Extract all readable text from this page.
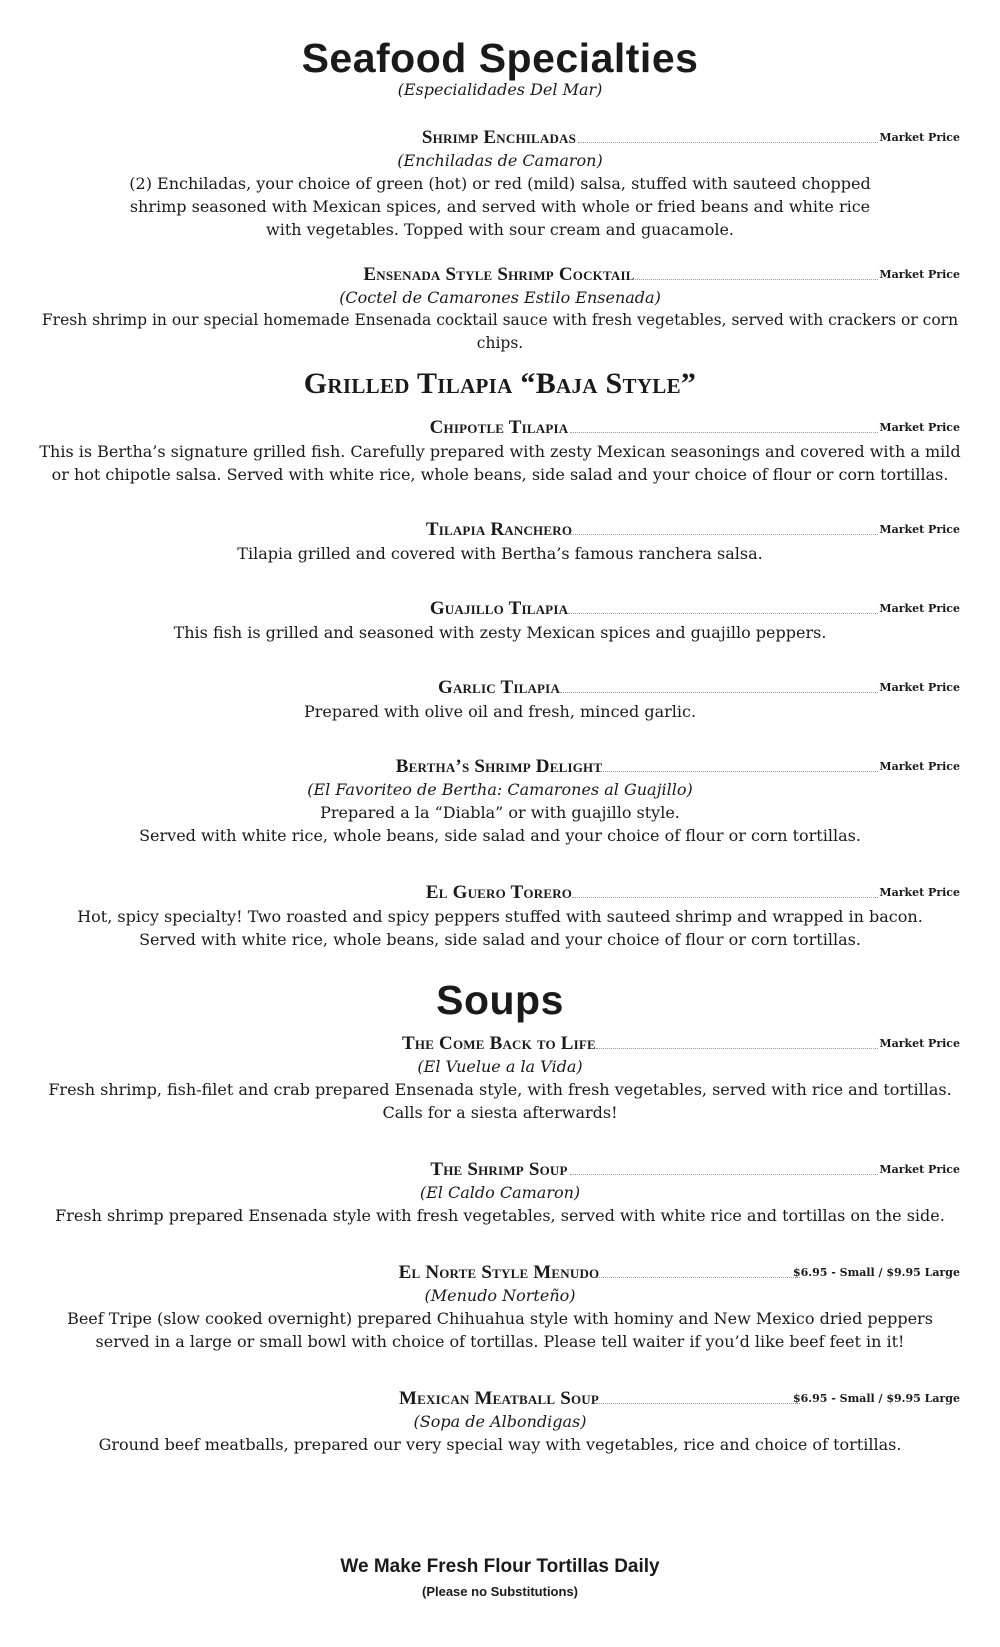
Seafood Specialties
(Especialidades Del Mar)
Shrimp Enchiladas	Market Price
(Enchiladas de Camaron)
(2) Enchiladas, your choice of green (hot) or red (mild) salsa, stuffed with sauteed chopped shrimp seasoned with Mexican spices, and served with whole or fried beans and white rice with vegetables. Topped with sour cream and guacamole.
Ensenada Style Shrimp Cocktail	Market Price
(Coctel de Camarones Estilo Ensenada)
Fresh shrimp in our special homemade Ensenada cocktail sauce with fresh vegetables, served with crackers or corn chips.
Grilled Tilapia “Baja Style”
Chipotle Tilapia	Market Price
This is Bertha’s signature grilled fish. Carefully prepared with zesty Mexican seasonings and covered with a mild or hot chipotle salsa. Served with white rice, whole beans, side salad and your choice of flour or corn tortillas.
Tilapia Ranchero	Market Price
Tilapia grilled and covered with Bertha’s famous ranchera salsa.
Guajillo Tilapia	Market Price
This fish is grilled and seasoned with zesty Mexican spices and guajillo peppers.
Garlic Tilapia	Market Price
Prepared with olive oil and fresh, minced garlic.
Bertha’s Shrimp Delight	Market Price
(El Favoriteo de Bertha: Camarones al Guajillo)
Prepared a la “Diabla” or with guajillo style.
Served with white rice, whole beans, side salad and your choice of flour or corn tortillas.
El Guero Torero	Market Price
Hot, spicy specialty! Two roasted and spicy peppers stuffed with sauteed shrimp and wrapped in bacon.
Served with white rice, whole beans, side salad and your choice of flour or corn tortillas.
Soups
The Come Back to Life	Market Price
(El Vuelue a la Vida)
Fresh shrimp, fish-filet and crab prepared Ensenada style, with fresh vegetables, served with rice and tortillas.
Calls for a siesta afterwards!
The Shrimp Soup	Market Price
(El Caldo Camaron)
Fresh shrimp prepared Ensenada style with fresh vegetables, served with white rice and tortillas on the side.
El Norte Style Menudo	$6.95 - Small / $9.95 Large
(Menudo Norteño)
Beef Tripe (slow cooked overnight) prepared Chihuahua style with hominy and New Mexico dried peppers served in a large or small bowl with choice of tortillas. Please tell waiter if you’d like beef feet in it!
Mexican Meatball Soup	$6.95 - Small / $9.95 Large
(Sopa de Albondigas)
Ground beef meatballs, prepared our very special way with vegetables, rice and choice of tortillas.
We Make Fresh Flour Tortillas Daily
(Please no Substitutions)
